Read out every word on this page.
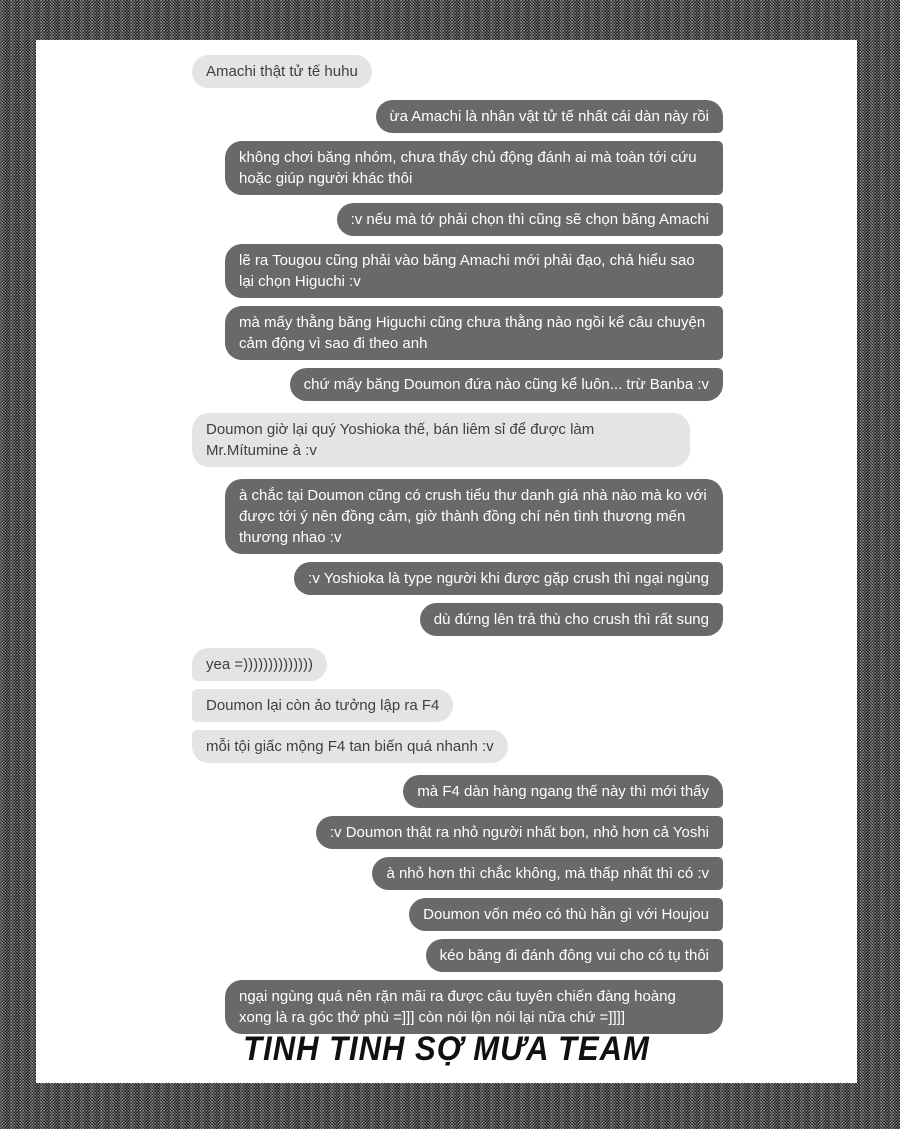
Amachi thật tử tế huhu
ừa Amachi là nhân vật tử tế nhất cái dàn này rồi
không chơi băng nhóm, chưa thấy chủ động đánh ai mà toàn tới cứu hoặc giúp người khác thôi
:v nếu mà tớ phải chọn thì cũng sẽ chọn băng Amachi
lẽ ra Tougou cũng phải vào băng Amachi mới phải đạo, chả hiểu sao lại chọn Higuchi :v
mà mấy thằng băng Higuchi cũng chưa thằng nào ngồi kể câu chuyện cảm động vì sao đi theo anh
chứ mấy băng Doumon đứa nào cũng kể luôn... trừ Banba :v
Doumon giờ lại quý Yoshioka thế, bán liêm sỉ để được làm Mr.Mítumine à :v
à chắc tại Doumon cũng có crush tiểu thư danh giá nhà nào mà ko với được tới ý nên đồng cảm, giờ thành đồng chí nên tình thương mến thương nhao :v
:v Yoshioka là type người khi được gặp crush thì ngại ngùng
dù đứng lên trả thù cho crush thì rất sung
yea =))))))))))))))
Doumon lại còn ảo tưởng lập ra F4
mỗi tội giấc mộng F4 tan biến quá nhanh :v
mà F4 dàn hàng ngang thế này thì mới thấy
:v Doumon thật ra nhỏ người nhất bọn, nhỏ hơn cả Yoshi
à nhỏ hơn thì chắc không, mà thấp nhất thì có :v
Doumon vốn méo có thù hằn gì với Houjou
kéo băng đi đánh đông vui cho có tụ thôi
ngại ngùng quá nên rặn mãi ra được câu tuyên chiến đàng hoàng xong là ra góc thở phù =]]] còn nói lộn nói lại nữa chứ =]]]]
TINH TINH SỢ MƯA TEAM
